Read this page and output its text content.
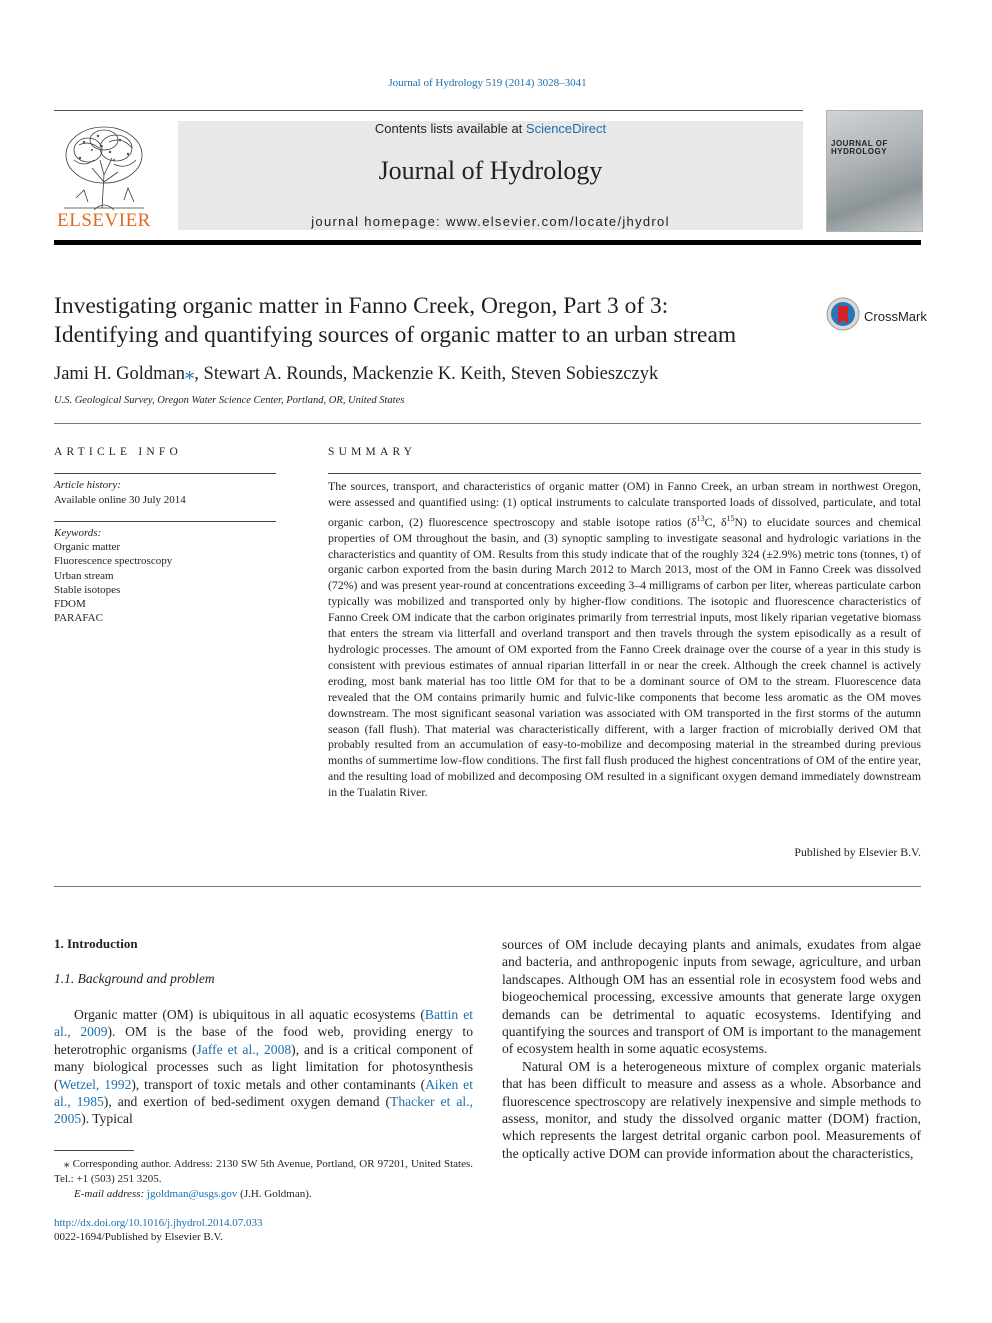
Journal of Hydrology 519 (2014) 3028–3041
ELSEVIER
Contents lists available at ScienceDirect
Journal of Hydrology
journal homepage: www.elsevier.com/locate/jhydrol
JOURNAL OF HYDROLOGY
Investigating organic matter in Fanno Creek, Oregon, Part 3 of 3:
Identifying and quantifying sources of organic matter to an urban stream
CrossMark
Jami H. Goldman⁎, Stewart A. Rounds, Mackenzie K. Keith, Steven Sobieszczyk
U.S. Geological Survey, Oregon Water Science Center, Portland, OR, United States
ARTICLE INFO
Article history:
Available online 30 July 2014
Keywords:
Organic matter
Fluorescence spectroscopy
Urban stream
Stable isotopes
FDOM
PARAFAC
SUMMARY
The sources, transport, and characteristics of organic matter (OM) in Fanno Creek, an urban stream in northwest Oregon, were assessed and quantified using: (1) optical instruments to calculate transported loads of dissolved, particulate, and total organic carbon, (2) fluorescence spectroscopy and stable isotope ratios ($\delta^{13}C$, $\delta^{15}N$) to elucidate sources and chemical properties of OM throughout the basin, and (3) synoptic sampling to investigate seasonal and hydrologic variations in the characteristics and quantity of OM. Results from this study indicate that of the roughly 324 (±2.9%) metric tons (tonnes, t) of organic carbon exported from the basin during March 2012 to March 2013, most of the OM in Fanno Creek was dissolved (72%) and was present year-round at concentrations exceeding 3–4 milligrams of carbon per liter, whereas particulate carbon typically was mobilized and transported only by higher-flow conditions. The isotopic and fluorescence characteristics of Fanno Creek OM indicate that the carbon originates primarily from terrestrial inputs, most likely riparian vegetative biomass that enters the stream via litterfall and overland transport and then travels through the system episodically as a result of hydrologic processes. The amount of OM exported from the Fanno Creek drainage over the course of a year in this study is consistent with previous estimates of annual riparian litterfall in or near the creek. Although the creek channel is actively eroding, most bank material has too little OM for that to be a dominant source of OM to the stream. Fluorescence data revealed that the OM contains primarily humic and fulvic-like components that become less aromatic as the OM moves downstream. The most significant seasonal variation was associated with OM transported in the first storms of the autumn season (fall flush). That material was characteristically different, with a larger fraction of microbially derived OM that probably resulted from an accumulation of easy-to-mobilize and decomposing material in the streambed during previous months of summertime low-flow conditions. The first fall flush produced the highest concentrations of OM of the entire year, and the resulting load of mobilized and decomposing OM resulted in a significant oxygen demand immediately downstream in the Tualatin River.
Published by Elsevier B.V.
1. Introduction
1.1. Background and problem
Organic matter (OM) is ubiquitous in all aquatic ecosystems (Battin et al., 2009). OM is the base of the food web, providing energy to heterotrophic organisms (Jaffe et al., 2008), and is a critical component of many biological processes such as light limitation for photosynthesis (Wetzel, 1992), transport of toxic metals and other contaminants (Aiken et al., 1985), and exertion of bed-sediment oxygen demand (Thacker et al., 2005). Typical
sources of OM include decaying plants and animals, exudates from algae and bacteria, and anthropogenic inputs from sewage, agriculture, and urban landscapes. Although OM has an essential role in ecosystem food webs and biogeochemical processing, excessive amounts that generate large oxygen demands can be detrimental to aquatic ecosystems. Identifying and quantifying the sources and transport of OM is important to the management of ecosystem health in some aquatic ecosystems.
Natural OM is a heterogeneous mixture of complex organic materials that has been difficult to measure and assess as a whole. Absorbance and fluorescence spectroscopy are relatively inexpensive and simple methods to assess, monitor, and study the dissolved organic matter (DOM) fraction, which represents the largest detrital organic carbon pool. Measurements of the optically active DOM can provide information about the characteristics,
⁎ Corresponding author. Address: 2130 SW 5th Avenue, Portland, OR 97201, United States. Tel.: +1 (503) 251 3205.
E-mail address: jgoldman@usgs.gov (J.H. Goldman).
http://dx.doi.org/10.1016/j.jhydrol.2014.07.033
0022-1694/Published by Elsevier B.V.
